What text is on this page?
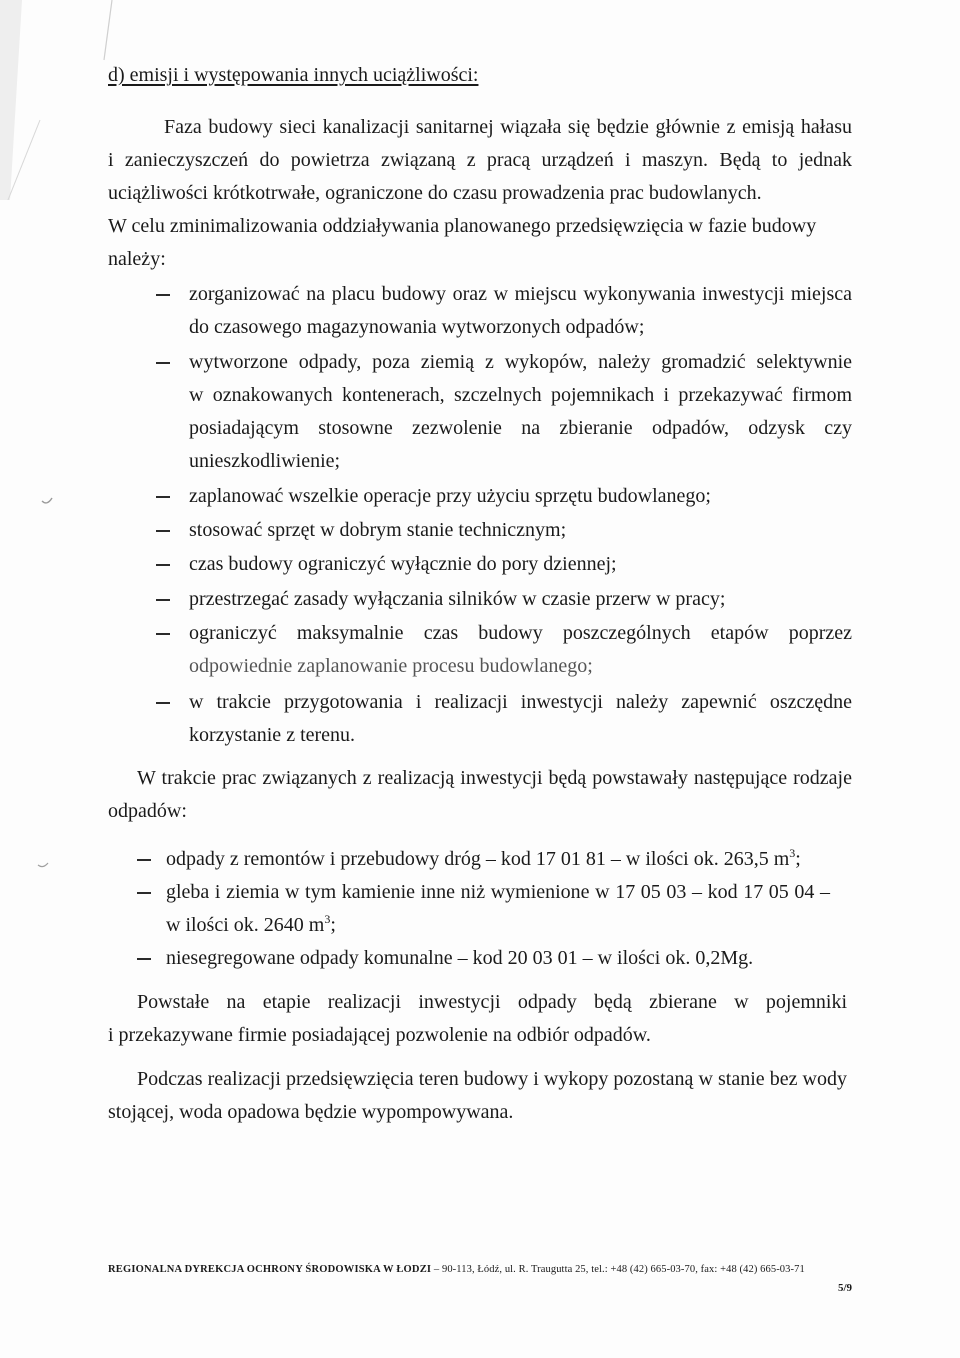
d) emisji i występowania innych uciążliwości:
Faza budowy sieci kanalizacji sanitarnej wiązała się będzie głównie z emisją hałasu
i zanieczyszczeń do powietrza związaną z pracą urządzeń i maszyn. Będą to jednak
uciążliwości krótkotrwałe, ograniczone do czasu prowadzenia prac budowlanych.
W celu zminimalizowania oddziaływania planowanego przedsięwzięcia w fazie budowy
należy:
zorganizować na placu budowy oraz w miejscu wykonywania inwestycji miejsca
do czasowego magazynowania wytworzonych odpadów;
wytworzone odpady, poza ziemią z wykopów, należy gromadzić selektywnie
w oznakowanych kontenerach, szczelnych pojemnikach i przekazywać firmom
posiadającym stosowne zezwolenie na zbieranie odpadów, odzysk czy
unieszkodliwienie;
zaplanować wszelkie operacje przy użyciu sprzętu budowlanego;
stosować sprzęt w dobrym stanie technicznym;
czas budowy ograniczyć wyłącznie do pory dziennej;
przestrzegać zasady wyłączania silników w czasie przerw w pracy;
ograniczyć maksymalnie czas budowy poszczególnych etapów poprzez
odpowiednie zaplanowanie procesu budowlanego;
w trakcie przygotowania i realizacji inwestycji należy zapewnić oszczędne
korzystanie z terenu.
W trakcie prac związanych z realizacją inwestycji będą powstawały następujące rodzaje
odpadów:
odpady z remontów i przebudowy dróg – kod 17 01 81 – w ilości ok. 263,5 $m^3$;
gleba i ziemia w tym kamienie inne niż wymienione w 17 05 03 – kod 17 05 04 –
w ilości ok. 2640 $m^3$;
niesegregowane odpady komunalne – kod 20 03 01 – w ilości ok. 0,2Mg.
Powstałe na etapie realizacji inwestycji odpady będą zbierane w pojemniki
i przekazywane firmie posiadającej pozwolenie na odbiór odpadów.
Podczas realizacji przedsięwzięcia teren budowy i wykopy pozostaną w stanie bez wody
stojącej, woda opadowa będzie wypompowywana.
REGIONALNA DYREKCJA OCHRONY ŚRODOWISKA W ŁODZI – 90-113, Łódź, ul. R. Traugutta 25, tel.: +48 (42) 665-03-70, fax: +48 (42) 665-03-71
5/9
